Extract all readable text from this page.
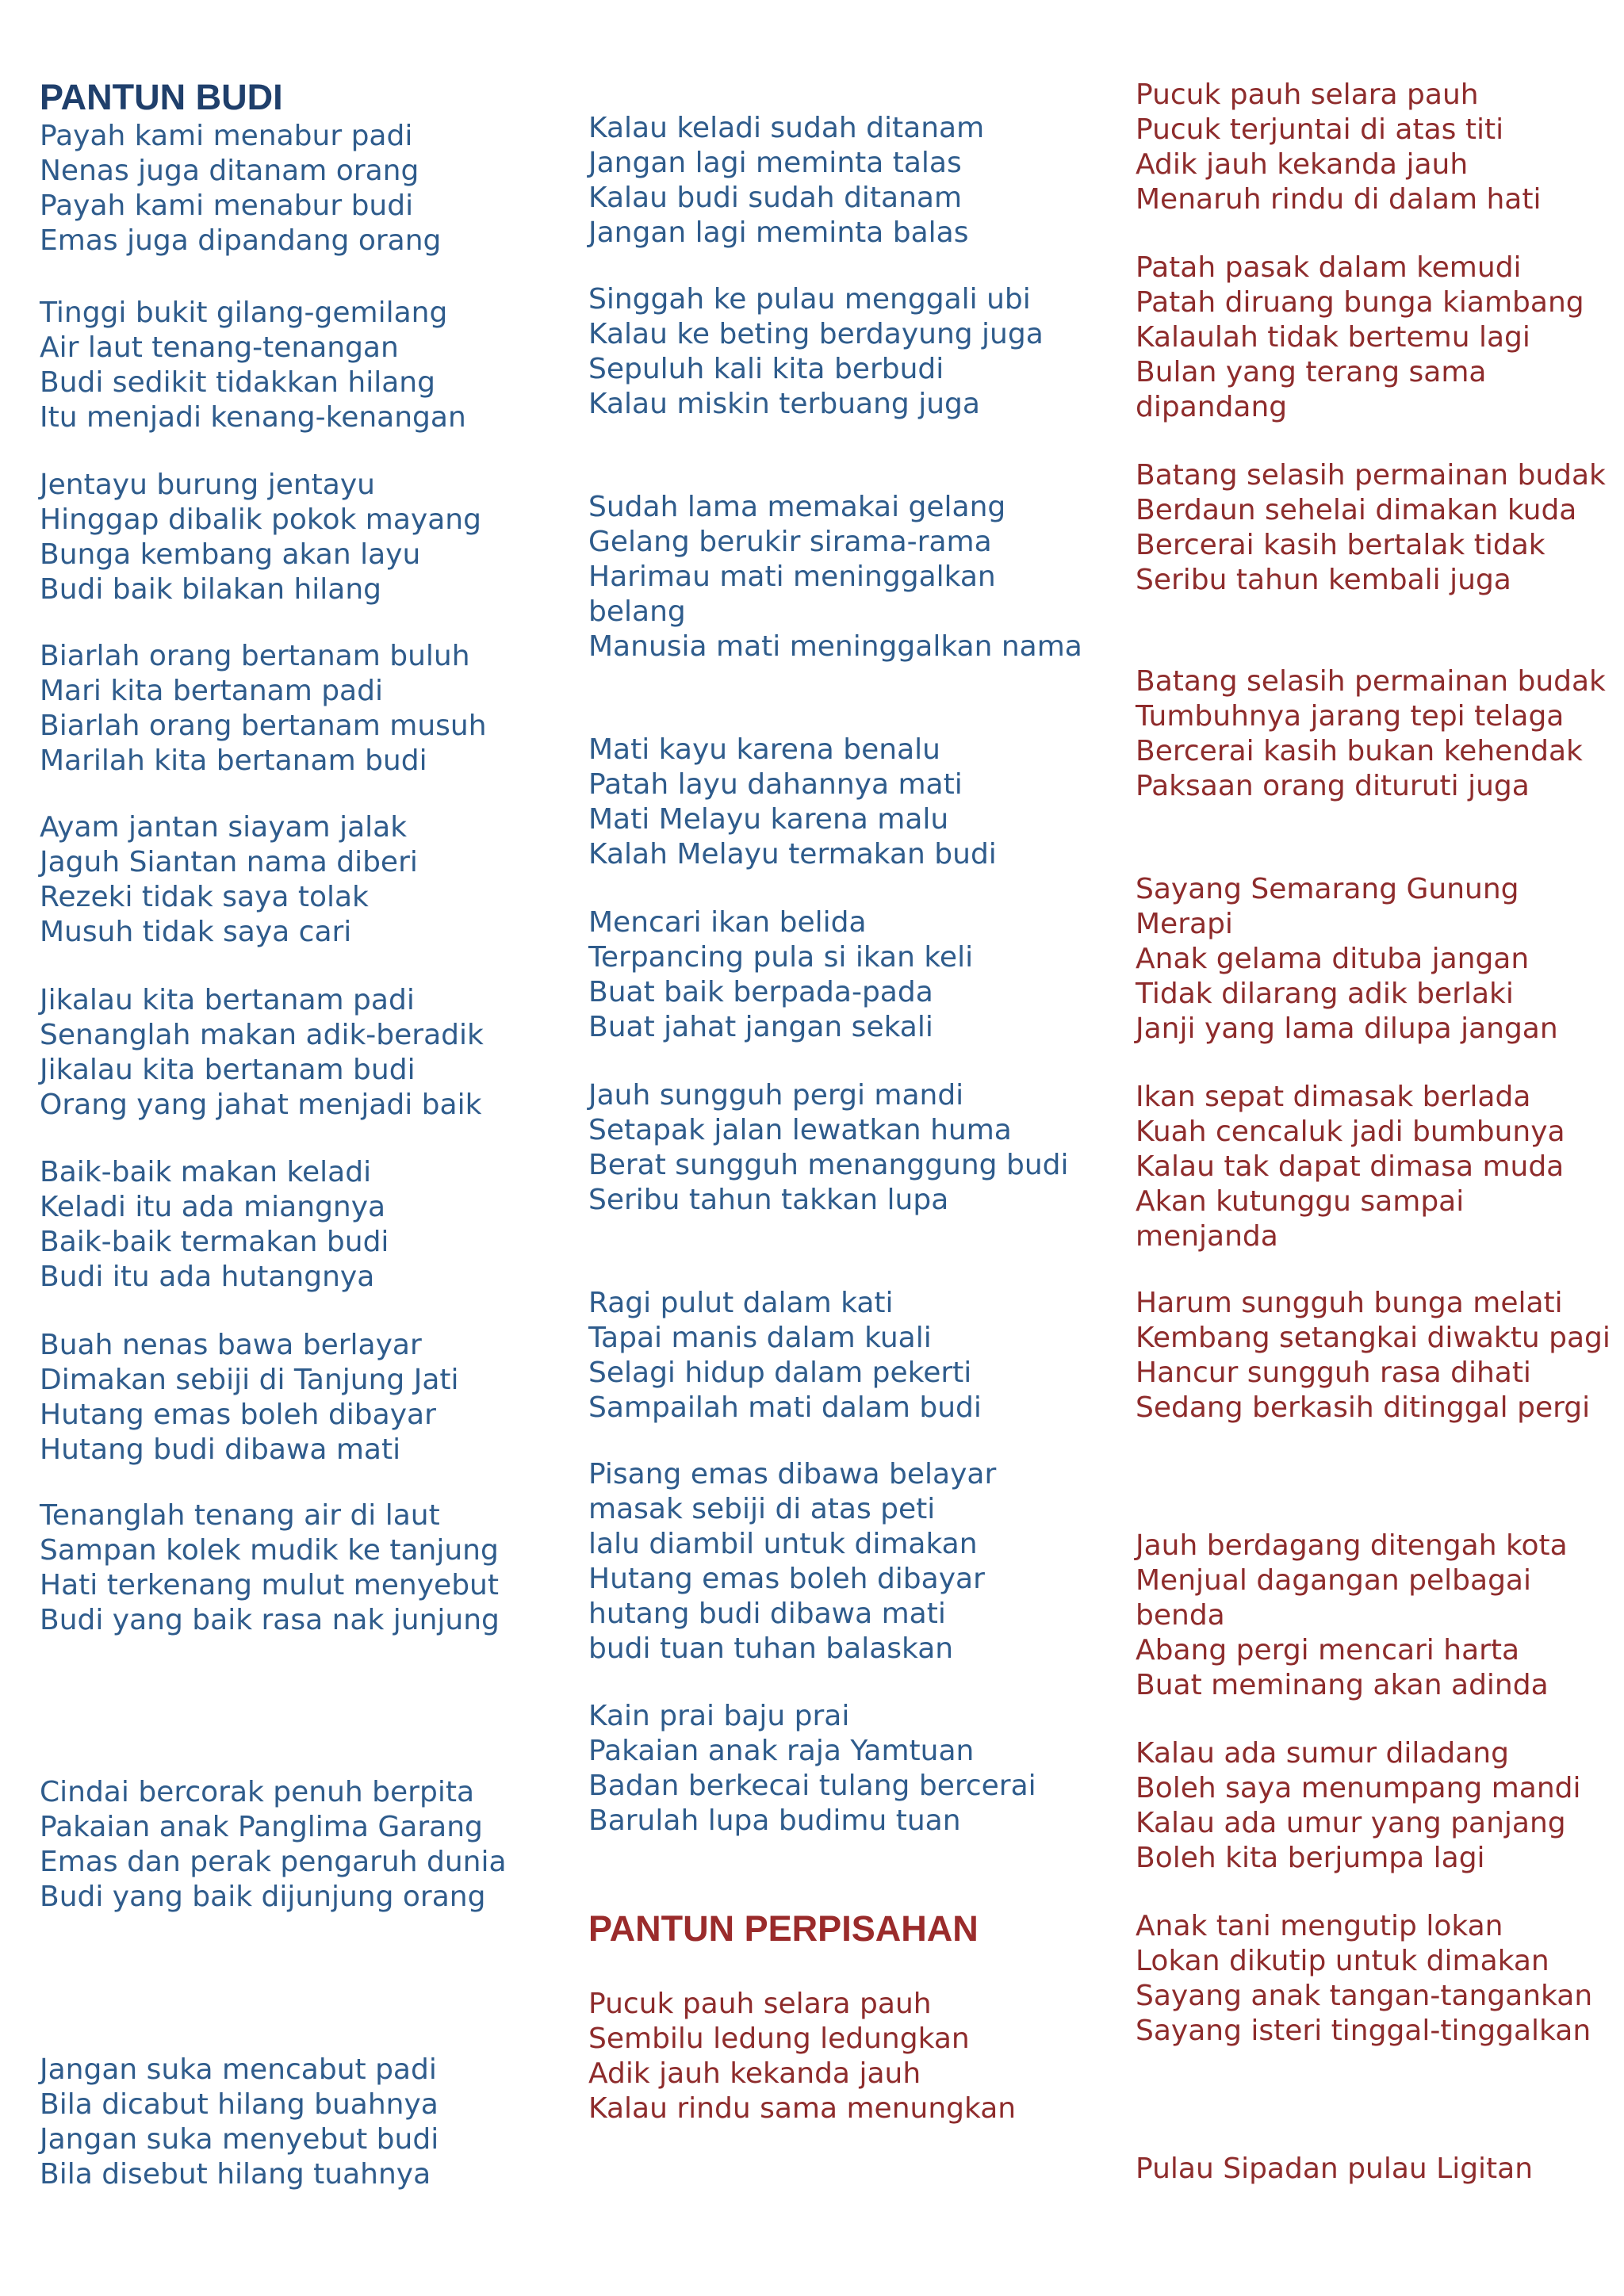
PANTUN BUDI
Payah kami menabur padi
Nenas juga ditanam orang
Payah kami menabur budi
Emas juga dipandang orang
Tinggi bukit gilang-gemilang
Air laut tenang-tenangan
Budi sedikit tidakkan hilang
Itu menjadi kenang-kenangan
Jentayu burung jentayu
Hinggap dibalik pokok mayang
Bunga kembang akan layu
Budi baik bilakan hilang
Biarlah orang bertanam buluh
Mari kita bertanam padi
Biarlah orang bertanam musuh
Marilah kita bertanam budi
Ayam jantan siayam jalak
Jaguh Siantan nama diberi
Rezeki tidak saya tolak
Musuh tidak saya cari
Jikalau kita bertanam padi
Senanglah makan adik-beradik
Jikalau kita bertanam budi
Orang yang jahat menjadi baik
Baik-baik makan keladi
Keladi itu ada miangnya
Baik-baik termakan budi
Budi itu ada hutangnya
Buah nenas bawa berlayar
Dimakan sebiji di Tanjung Jati
Hutang emas boleh dibayar
Hutang budi dibawa mati
Tenanglah tenang air di laut
Sampan kolek mudik ke tanjung
Hati terkenang mulut menyebut
Budi yang baik rasa nak junjung
Cindai bercorak penuh berpita
Pakaian anak Panglima Garang
Emas dan perak pengaruh dunia
Budi yang baik dijunjung orang
Jangan suka mencabut padi
Bila dicabut hilang buahnya
Jangan suka menyebut budi
Bila disebut hilang tuahnya
Kalau keladi sudah ditanam
Jangan lagi meminta talas
Kalau budi sudah ditanam
Jangan lagi meminta balas
Singgah ke pulau menggali ubi
Kalau ke beting berdayung juga
Sepuluh kali kita berbudi
Kalau miskin terbuang juga
Sudah lama memakai gelang
Gelang berukir sirama-rama
Harimau mati meninggalkan belang
Manusia mati meninggalkan nama
Mati kayu karena benalu
Patah layu dahannya mati
Mati Melayu karena malu
Kalah Melayu termakan budi
Mencari ikan belida
Terpancing pula si ikan keli
Buat baik berpada-pada
Buat jahat jangan sekali
Jauh sungguh pergi mandi
Setapak jalan lewatkan huma
Berat sungguh menanggung budi
Seribu tahun takkan lupa
Ragi pulut dalam kati
Tapai manis dalam kuali
Selagi hidup dalam pekerti
Sampailah mati dalam budi
Pisang emas dibawa belayar
masak sebiji di atas peti
lalu diambil untuk dimakan
Hutang emas boleh dibayar
hutang budi dibawa mati
budi tuan tuhan balaskan
Kain prai baju prai
Pakaian anak raja Yamtuan
Badan berkecai tulang bercerai
Barulah lupa budimu tuan
PANTUN PERPISAHAN
Pucuk pauh selara pauh
Sembilu ledung ledungkan
Adik jauh kekanda jauh
Kalau rindu sama menungkan
Pucuk pauh selara pauh
Pucuk terjuntai di atas titi
Adik jauh kekanda jauh
Menaruh rindu di dalam hati
Patah pasak dalam kemudi
Patah diruang bunga kiambang
Kalaulah tidak bertemu lagi
Bulan yang terang sama dipandang
Batang selasih permainan budak
Berdaun sehelai dimakan kuda
Bercerai kasih bertalak tidak
Seribu tahun kembali juga
Batang selasih permainan budak
Tumbuhnya jarang tepi telaga
Bercerai kasih bukan kehendak
Paksaan orang dituruti juga
Sayang Semarang Gunung Merapi
Anak gelama dituba jangan
Tidak dilarang adik berlaki
Janji yang lama dilupa jangan
Ikan sepat dimasak berlada
Kuah cencaluk jadi bumbunya
Kalau tak dapat dimasa muda
Akan kutunggu sampai menjanda
Harum sungguh bunga melati
Kembang setangkai diwaktu pagi
Hancur sungguh rasa dihati
Sedang berkasih ditinggal pergi
Jauh berdagang ditengah kota
Menjual dagangan pelbagai benda
Abang pergi mencari harta
Buat meminang akan adinda
Kalau ada sumur diladang
Boleh saya menumpang mandi
Kalau ada umur yang panjang
Boleh kita berjumpa lagi
Anak tani mengutip lokan
Lokan dikutip untuk dimakan
Sayang anak tangan-tangankan
Sayang isteri tinggal-tinggalkan
Pulau Sipadan pulau Ligitan
